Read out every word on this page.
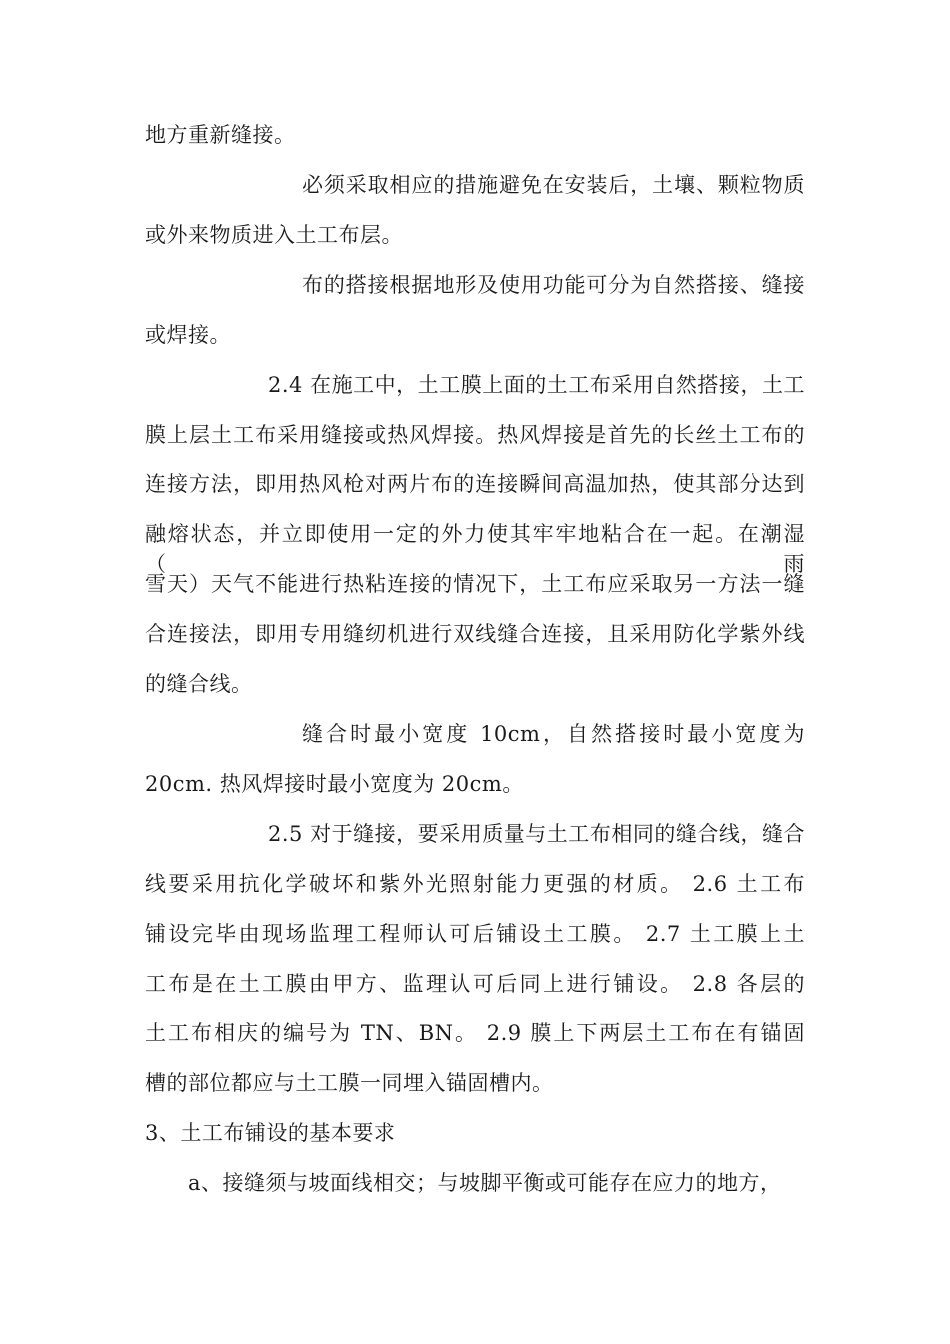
地方重新缝接。
必须采取相应的措施避免在安装后，土壤、颗粒物质
或外来物质进入土工布层。
布的搭接根据地形及使用功能可分为自然搭接、缝接
或焊接。
2.4 在施工中，土工膜上面的土工布采用自然搭接，土工
膜上层土工布采用缝接或热风焊接。热风焊接是首先的长丝土工布的
连接方法，即用热风枪对两片布的连接瞬间高温加热，使其部分达到
融熔状态，并立即使用一定的外力使其牢牢地粘合在一起。在潮湿（雨
雪天）天气不能进行热粘连接的情况下，土工布应采取另一方法一缝
合连接法，即用专用缝纫机进行双线缝合连接，且采用防化学紫外线
的缝合线。
缝合时最小宽度 10cm，自然搭接时最小宽度为
20cm. 热风焊接时最小宽度为 20cm。
2.5 对于缝接，要采用质量与土工布相同的缝合线，缝合
线要采用抗化学破坏和紫外光照射能力更强的材质。 2.6 土工布
铺设完毕由现场监理工程师认可后铺设土工膜。 2.7 土工膜上土
工布是在土工膜由甲方、监理认可后同上进行铺设。 2.8 各层的
土工布相庆的编号为 TN、BN。 2.9 膜上下两层土工布在有锚固
槽的部位都应与土工膜一同埋入锚固槽内。
3、土工布铺设的基本要求
a、接缝须与坡面线相交；与坡脚平衡或可能存在应力的地方，
